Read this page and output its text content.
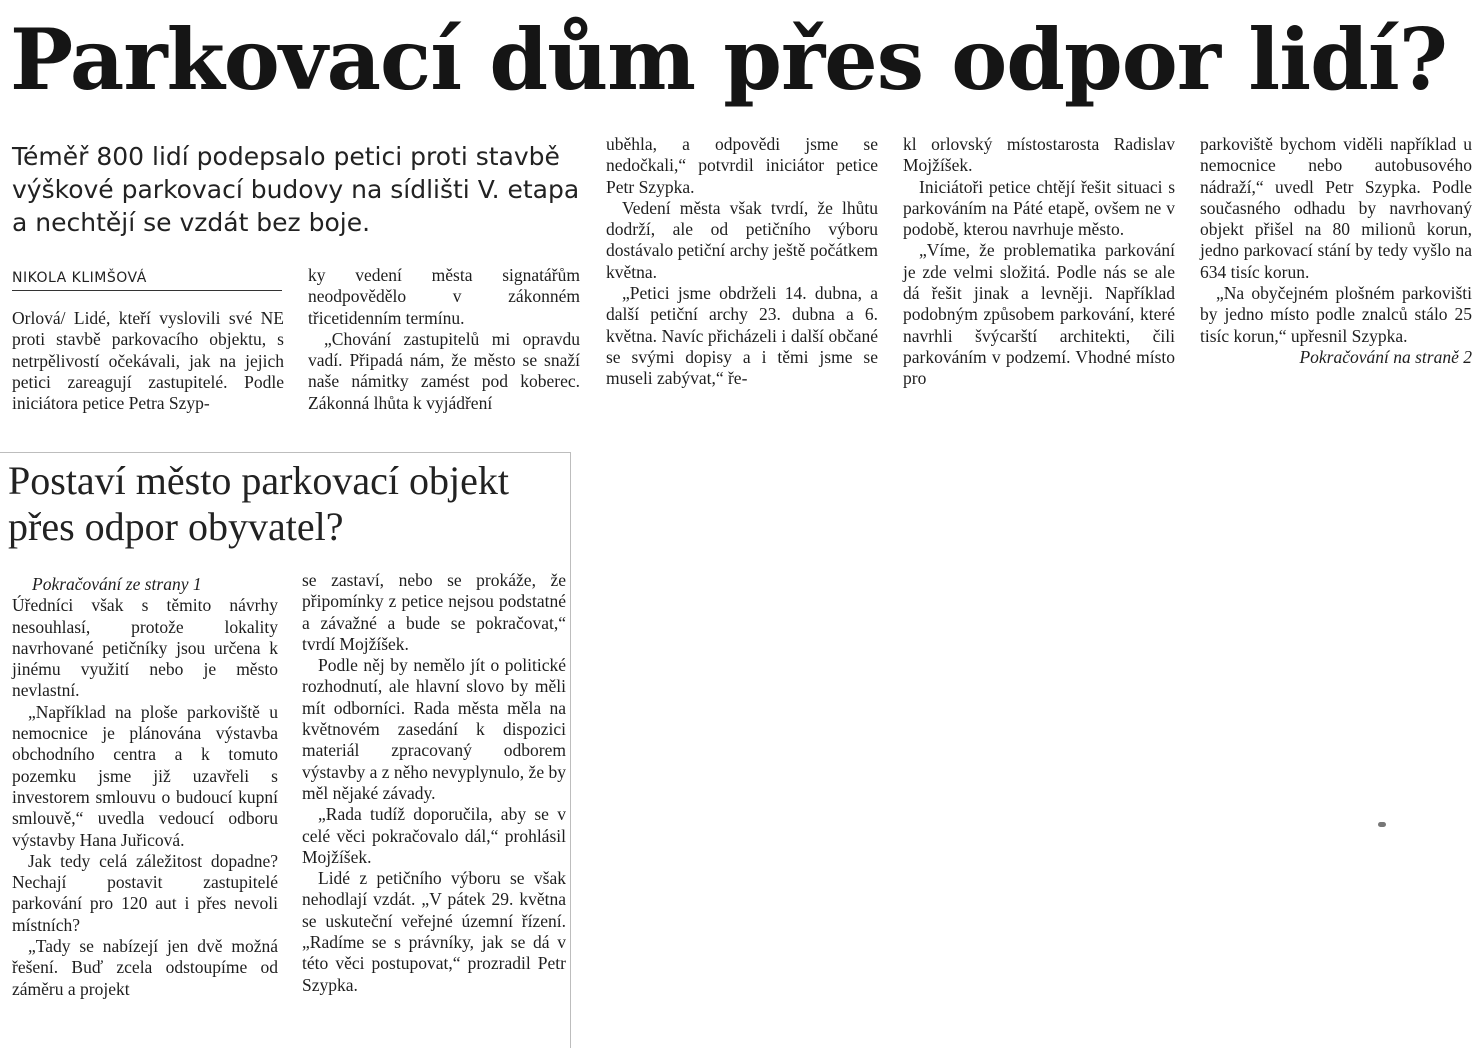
Parkovací dům přes odpor lidí?
Téměř 800 lidí podepsalo petici proti stavbě výškové parkovací budovy na sídlišti V. etapa a nechtějí se vzdát bez boje.
NIKOLA KLIMŠOVÁ

Orlová/ Lidé, kteří vyslovili své NE proti stavbě parkovacího objektu, s netrpělivostí očekávali, jak na jejich petici zareagují zastupitelé. Podle iniciátora petice Petra Szyp-

ky vedení města signatářům neodpovědělo v zákonném třicetidenním termínu.

„Chování zastupitelů mi opravdu vadí. Připadá nám, že město se snaží naše námitky zamést pod koberec. Zákonná lhůta k vyjádření

uběhla, a odpovědi jsme se nedočkali,“ potvrdil iniciátor petice Petr Szypka.

Vedení města však tvrdí, že lhůtu dodrží, ale od petičního výboru dostávalo petiční archy ještě počátkem května.

„Petici jsme obdrželi 14. dubna, a další petiční archy 23. dubna a 6. května. Navíc přicházeli i další občané se svými dopisy a i těmi jsme se museli zabývat,“ ře-

kl orlovský místostarosta Radislav Mojžíšek.

Iniciátoři petice chtějí řešit situaci s parkováním na Páté etapě, ovšem ne v podobě, kterou navrhuje město.

„Víme, že problematika parkování je zde velmi složitá. Podle nás se ale dá řešit jinak a levněji. Například podobným způsobem parkování, které navrhli švýcarští architekti, čili parkováním v podzemí. Vhodné místo pro

parkoviště bychom viděli například u nemocnice nebo autobusového nádraží,“ uvedl Petr Szypka. Podle současného odhadu by navrhovaný objekt přišel na 80 milionů korun, jedno parkovací stání by tedy vyšlo na 634 tisíc korun.

„Na obyčejném plošném parkovišti by jedno místo podle znalců stálo 25 tisíc korun,“ upřesnil Szypka.

Pokračování na straně 2

Postaví město parkovací objekt přes odpor obyvatel?

Pokračování ze strany 1

Úředníci však s těmito návrhy nesouhlasí, protože lokality navrhované petičníky jsou určena k jinému využití nebo je město nevlastní.

„Například na ploše parkoviště u nemocnice je plánována výstavba obchodního centra a k tomuto pozemku jsme již uzavřeli s investorem smlouvu o budoucí kupní smlouvě,“ uvedla vedoucí odboru výstavby Hana Juřicová.

Jak tedy celá záležitost dopadne? Nechají postavit zastupitelé parkování pro 120 aut i přes nevoli místních?

„Tady se nabízejí jen dvě možná řešení. Buď zcela odstoupíme od záměru a projekt

se zastaví, nebo se prokáže, že připomínky z petice nejsou podstatné a závažné a bude se pokračovat,“ tvrdí Mojžíšek.

Podle něj by nemělo jít o politické rozhodnutí, ale hlavní slovo by měli mít odborníci. Rada města měla na květnovém zasedání k dispozici materiál zpracovaný odborem výstavby a z něho nevyplynulo, že by měl nějaké závady.

„Rada tudíž doporučila, aby se v celé věci pokračovalo dál,“ prohlásil Mojžíšek.

Lidé z petičního výboru se však nehodlají vzdát. „V pátek 29. května se uskuteční veřejné územní řízení. „Radíme se s právníky, jak se dá v této věci postupovat,“ prozradil Petr Szypka.
